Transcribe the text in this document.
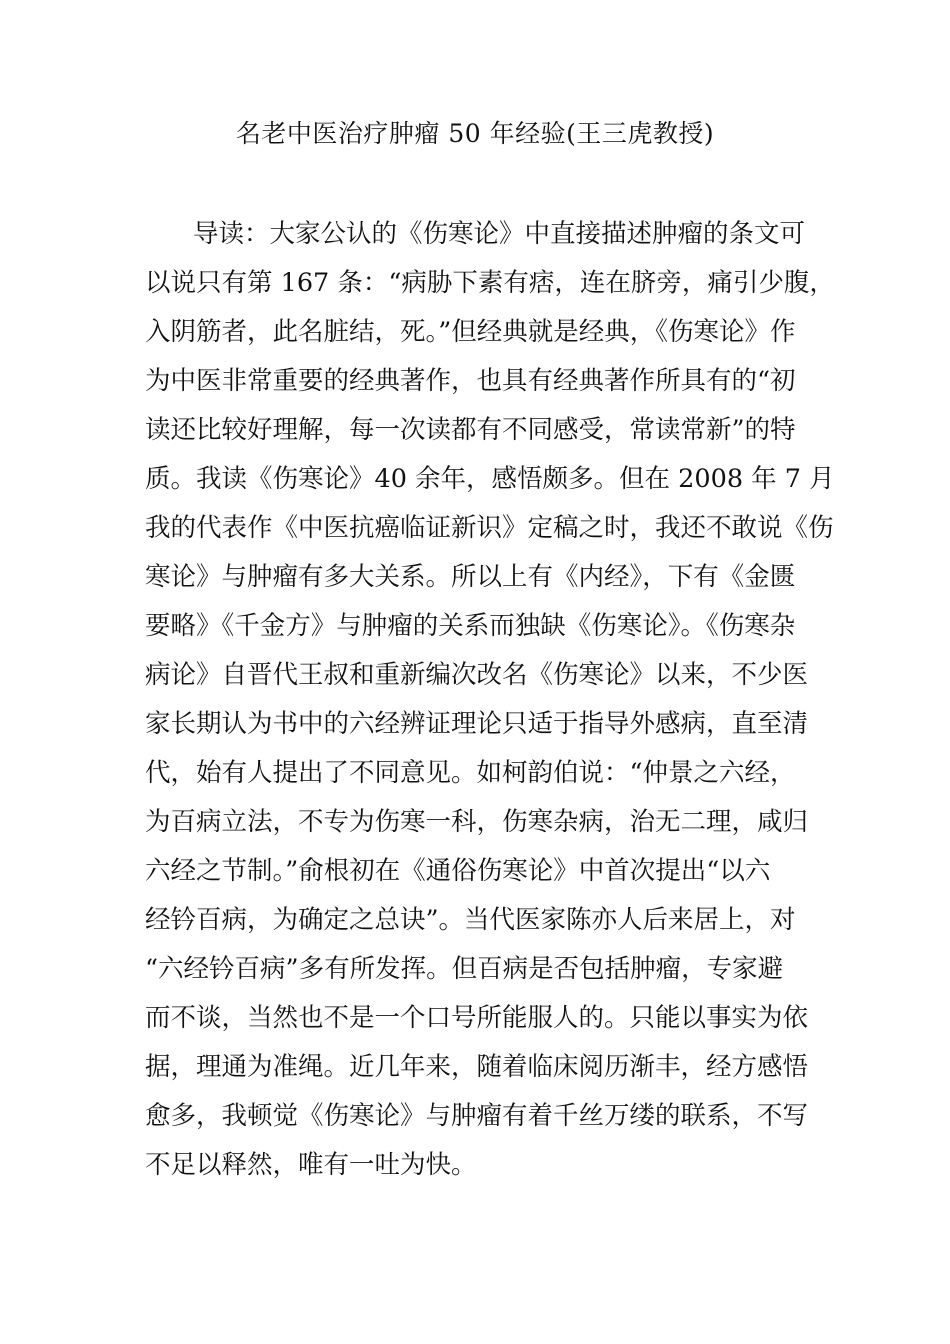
名老中医治疗肿瘤 50 年经验(王三虎教授)
导读：大家公认的《伤寒论》中直接描述肿瘤的条文可
以说只有第 167 条：“病胁下素有痞，连在脐旁，痛引少腹，
入阴筋者，此名脏结，死。”但经典就是经典，《伤寒论》作
为中医非常重要的经典著作，也具有经典著作所具有的“初
读还比较好理解，每一次读都有不同感受，常读常新”的特
质。我读《伤寒论》40 余年，感悟颇多。但在 2008 年 7 月
我的代表作《中医抗癌临证新识》定稿之时，我还不敢说《伤
寒论》与肿瘤有多大关系。所以上有《内经》，下有《金匮
要略》《千金方》与肿瘤的关系而独缺《伤寒论》。《伤寒杂
病论》自晋代王叔和重新编次改名《伤寒论》以来，不少医
家长期认为书中的六经辨证理论只适于指导外感病，直至清
代，始有人提出了不同意见。如柯韵伯说：“仲景之六经，
为百病立法，不专为伤寒一科，伤寒杂病，治无二理，咸归
六经之节制。”俞根初在《通俗伤寒论》中首次提出“以六
经钤百病，为确定之总诀”。当代医家陈亦人后来居上，对
“六经钤百病”多有所发挥。但百病是否包括肿瘤，专家避
而不谈，当然也不是一个口号所能服人的。只能以事实为依
据，理通为准绳。近几年来，随着临床阅历渐丰，经方感悟
愈多，我顿觉《伤寒论》与肿瘤有着千丝万缕的联系，不写
不足以释然，唯有一吐为快。
